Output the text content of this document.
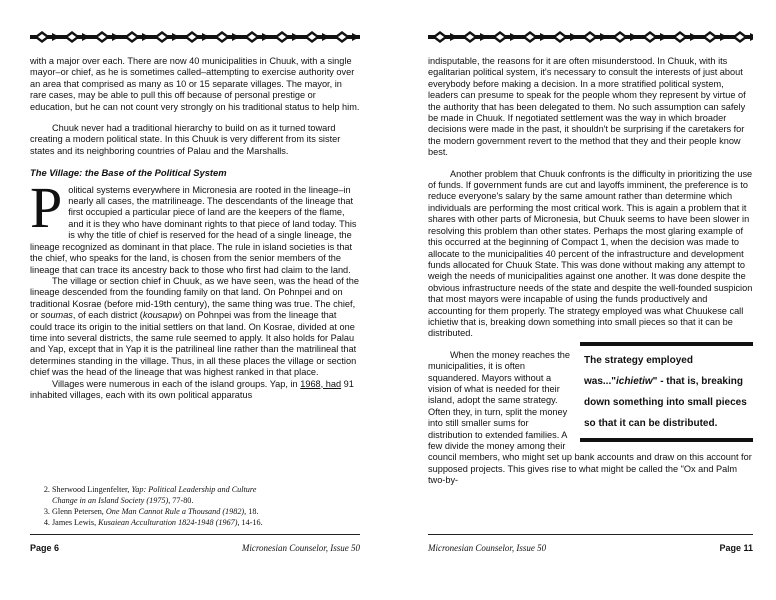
with a major over each. There are now 40 municipalities in Chuuk, with a single mayor–or chief, as he is sometimes called–attempting to exercise authority over an area that comprised as many as 10 or 15 separate villages. The mayor, in rare cases, may be able to pull this off because of personal prestige or education, but he can not count very strongly on his traditional status to help him.

Chuuk never had a traditional hierarchy to build on as it turned toward creating a modern political state. In this Chuuk is very different from its sister states and its neighboring countries of Palau and the Marshalls.

The Village: the Base of the Political System

Political systems everywhere in Micronesia are rooted in the lineage–in nearly all cases, the matrilineage. The descendants of the lineage that first occupied a particular piece of land are the keepers of the flame, and it is they who have dominant rights to that piece of land today. This is why the title of chief is reserved for the head of a single lineage, the lineage recognized as dominant in that place. The rule in island societies is that the chief, who speaks for the land, is chosen from the senior members of the lineage that can trace its ancestry back to those who first had claim to the land.

The village or section chief in Chuuk, as we have seen, was the head of the lineage descended from the founding family on that land. On Pohnpei and on traditional Kosrae (before mid-19th century), the same thing was true. The chief, or soumas, of each district (kousapw) on Pohnpei was from the lineage that could trace its origin to the initial settlers on that land. On Kosrae, divided at one time into several districts, the same rule seemed to apply. It also holds for Palau and Yap, except that in Yap it is the patrilineal line rather than the matrilineal that determines standing in the village. Thus, in all these places the village or section chief was the head of the lineage that was highest ranked in that place.

Villages were numerous in each of the island groups. Yap, in 1968, had 91 inhabited villages, each with its own political apparatus

2. Sherwood Lingenfelter, Yap: Political Leadership and Culture
Change in an Island Society (1975), 77-80.
3. Glenn Petersen, One Man Cannot Rule a Thousand (1982), 18.
4. James Lewis, Kusaiean Acculturation 1824-1948 (1967), 14-16.
Page 6	Micronesian Counselor, Issue 50

indisputable, the reasons for it are often misunderstood. In Chuuk, with its egalitarian political system, it's necessary to consult the interests of just about everybody before making a decision. In a more stratified political system, leaders can presume to speak for the people whom they represent by virtue of the authority that has been delegated to them. No such assumption can safely be made in Chuuk. If negotiated settlement was the way in which broader decisions were made in the past, it shouldn't be surprising if the caretakers for the modern government revert to the method that they and their people know best.

Another problem that Chuuk confronts is the difficulty in prioritizing the use of funds. If government funds are cut and layoffs imminent, the preference is to reduce everyone's salary by the same amount rather than determine which individuals are performing the most critical work. This is again a problem that it shares with other parts of Micronesia, but Chuuk seems to have been slower in resolving this problem than other states. Perhaps the most glaring example of this occurred at the beginning of Compact 1, when the decision was made to allocate to the municipalities 40 percent of the infrastructure and development funds allocated for Chuuk State. This was done without making any attempt to weigh the needs of municipalities against one another. It was done despite the obvious infrastructure needs of the state and despite the well-founded suspicion that most mayors were incapable of using the funds productively and accounting for them properly. The strategy employed was what Chuukese call ichietiw that is, breaking down something into small pieces so that it can be distributed.

The strategy employed was..."ichietiw" - that is, breaking down something into small pieces so that it can be distributed.

When the money reaches the municipalities, it is often squandered. Mayors without a vision of what is needed for their island, adopt the same strategy. Often they, in turn, split the money into still smaller sums for distribution to extended families. A few divide the money among their council members, who might set up bank accounts and draw on this account for supposed projects. This gives rise to what might be called the "Ox and Palm two-by-

Micronesian Counselor, Issue 50	Page 11
